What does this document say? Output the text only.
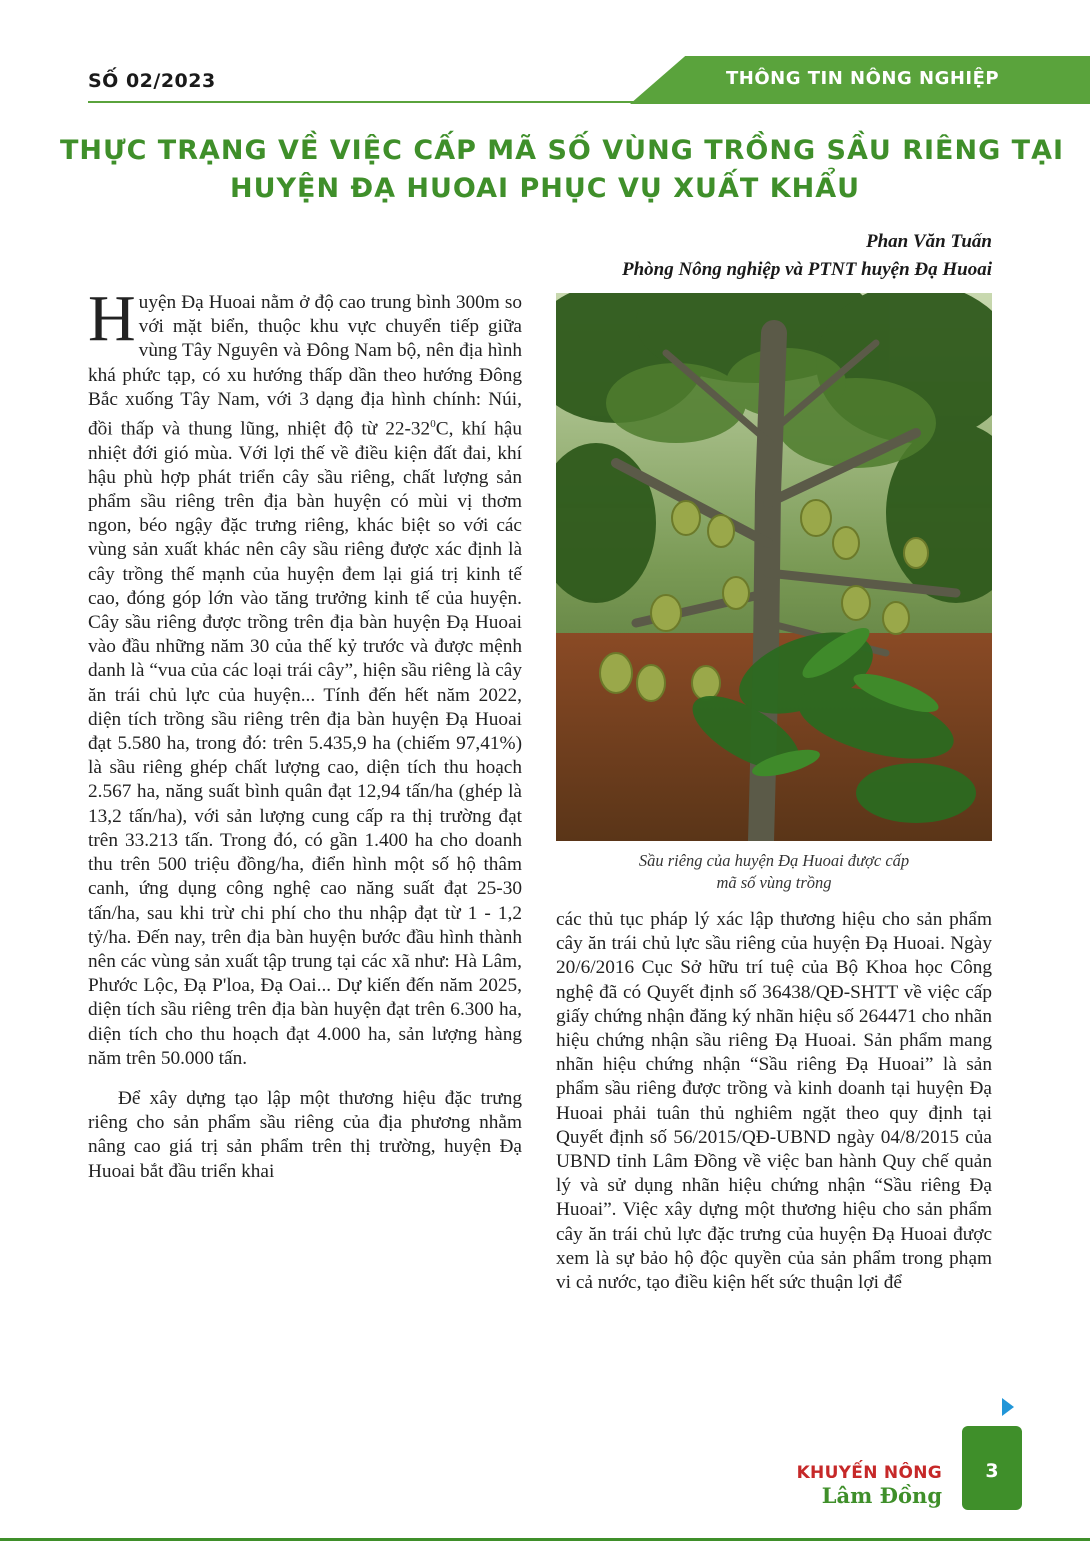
SỐ 02/2023	THÔNG TIN NÔNG NGHIỆP
THỰC TRẠNG VỀ VIỆC CẤP MÃ SỐ VÙNG TRỒNG SẦU RIÊNG TẠI
HUYỆN ĐẠ HUOAI PHỤC VỤ XUẤT KHẨU
Phan Văn Tuấn
Phòng Nông nghiệp và PTNT huyện Đạ Huoai

Huyện Đạ Huoai nằm ở độ cao trung bình 300m so với mặt biển, thuộc khu vực chuyển tiếp giữa vùng Tây Nguyên và Đông Nam bộ, nên địa hình khá phức tạp, có xu hướng thấp dần theo hướng Đông Bắc xuống Tây Nam, với 3 dạng địa hình chính: Núi, đồi thấp và thung lũng, nhiệt độ từ $22-32^0C$, khí hậu nhiệt đới gió mùa. Với lợi thế về điều kiện đất đai, khí hậu phù hợp phát triển cây sầu riêng, chất lượng sản phẩm sầu riêng trên địa bàn huyện có mùi vị thơm ngon, béo ngậy đặc trưng riêng, khác biệt so với các vùng sản xuất khác nên cây sầu riêng được xác định là cây trồng thế mạnh của huyện đem lại giá trị kinh tế cao, đóng góp lớn vào tăng trưởng kinh tế của huyện. Cây sầu riêng được trồng trên địa bàn huyện Đạ Huoai vào đầu những năm 30 của thế kỷ trước và được mệnh danh là “vua của các loại trái cây”, hiện sầu riêng là cây ăn trái chủ lực của huyện... Tính đến hết năm 2022, diện tích trồng sầu riêng trên địa bàn huyện Đạ Huoai đạt 5.580 ha, trong đó: trên 5.435,9 ha (chiếm 97,41%) là sầu riêng ghép chất lượng cao, diện tích thu hoạch 2.567 ha, năng suất bình quân đạt 12,94 tấn/ha (ghép là 13,2 tấn/ha), với sản lượng cung cấp ra thị trường đạt trên 33.213 tấn. Trong đó, có gần 1.400 ha cho doanh thu trên 500 triệu đồng/ha, điển hình một số hộ thâm canh, ứng dụng công nghệ cao năng suất đạt 25-30 tấn/ha, sau khi trừ chi phí cho thu nhập đạt từ 1 - 1,2 tỷ/ha. Đến nay, trên địa bàn huyện bước đầu hình thành nên các vùng sản xuất tập trung tại các xã như: Hà Lâm, Phước Lộc, Đạ P'loa, Đạ Oai... Dự kiến đến năm 2025, diện tích sầu riêng trên địa bàn huyện đạt trên 6.300 ha, diện tích cho thu hoạch đạt 4.000 ha, sản lượng hàng năm trên 50.000 tấn.

Để xây dựng tạo lập một thương hiệu đặc trưng riêng cho sản phẩm sầu riêng của địa phương nhằm nâng cao giá trị sản phẩm trên thị trường, huyện Đạ Huoai bắt đầu triển khai

Sầu riêng của huyện Đạ Huoai được cấp
mã số vùng trồng

các thủ tục pháp lý xác lập thương hiệu cho sản phẩm cây ăn trái chủ lực sầu riêng của huyện Đạ Huoai. Ngày 20/6/2016 Cục Sở hữu trí tuệ của Bộ Khoa học Công nghệ đã có Quyết định số 36438/QĐ-SHTT về việc cấp giấy chứng nhận đăng ký nhãn hiệu số 264471 cho nhãn hiệu chứng nhận sầu riêng Đạ Huoai. Sản phẩm mang nhãn hiệu chứng nhận “Sầu riêng Đạ Huoai” là sản phẩm sầu riêng được trồng và kinh doanh tại huyện Đạ Huoai phải tuân thủ nghiêm ngặt theo quy định tại Quyết định số 56/2015/QĐ-UBND ngày 04/8/2015 của UBND tỉnh Lâm Đồng về việc ban hành Quy chế quản lý và sử dụng nhãn hiệu chứng nhận “Sầu riêng Đạ Huoai”. Việc xây dựng một thương hiệu cho sản phẩm cây ăn trái chủ lực đặc trưng của huyện Đạ Huoai được xem là sự bảo hộ độc quyền của sản phẩm trong phạm vi cả nước, tạo điều kiện hết sức thuận lợi để

KHUYẾN NÔNG
Lâm Đồng
3
